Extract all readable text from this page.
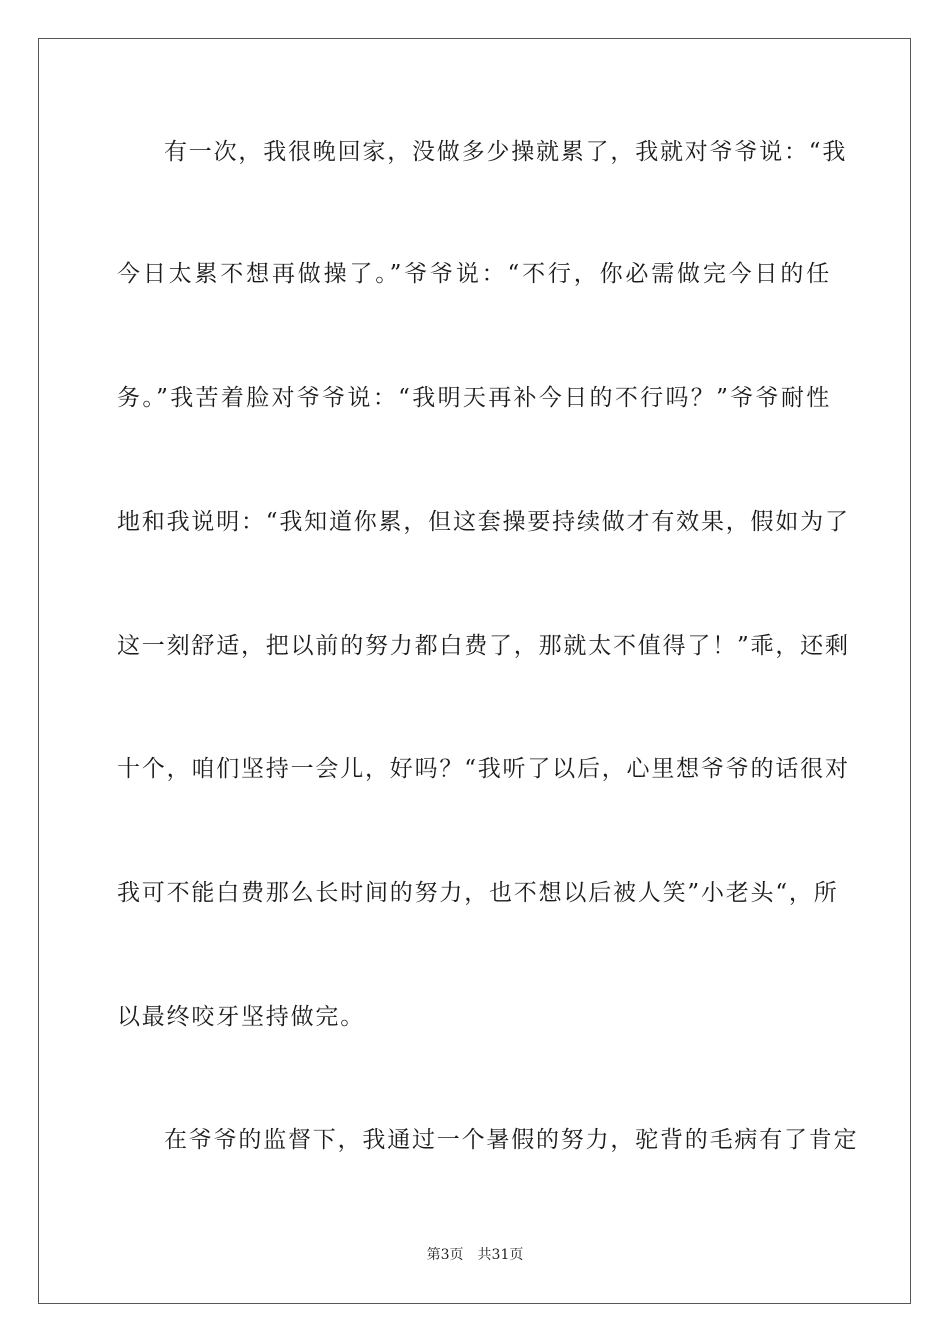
有一次，我很晚回家，没做多少操就累了，我就对爷爷说：“我
今日太累不想再做操了。”爷爷说：“不行，你必需做完今日的任
务。”我苦着脸对爷爷说：“我明天再补今日的不行吗？”爷爷耐性
地和我说明：“我知道你累，但这套操要持续做才有效果，假如为了
这一刻舒适，把以前的努力都白费了，那就太不值得了！”乖，还剩
十个，咱们坚持一会儿，好吗？“我听了以后，心里想爷爷的话很对
我可不能白费那么长时间的努力，也不想以后被人笑”小老头“，所
以最终咬牙坚持做完。
在爷爷的监督下，我通过一个暑假的努力，驼背的毛病有了肯定
第3页 共31页
